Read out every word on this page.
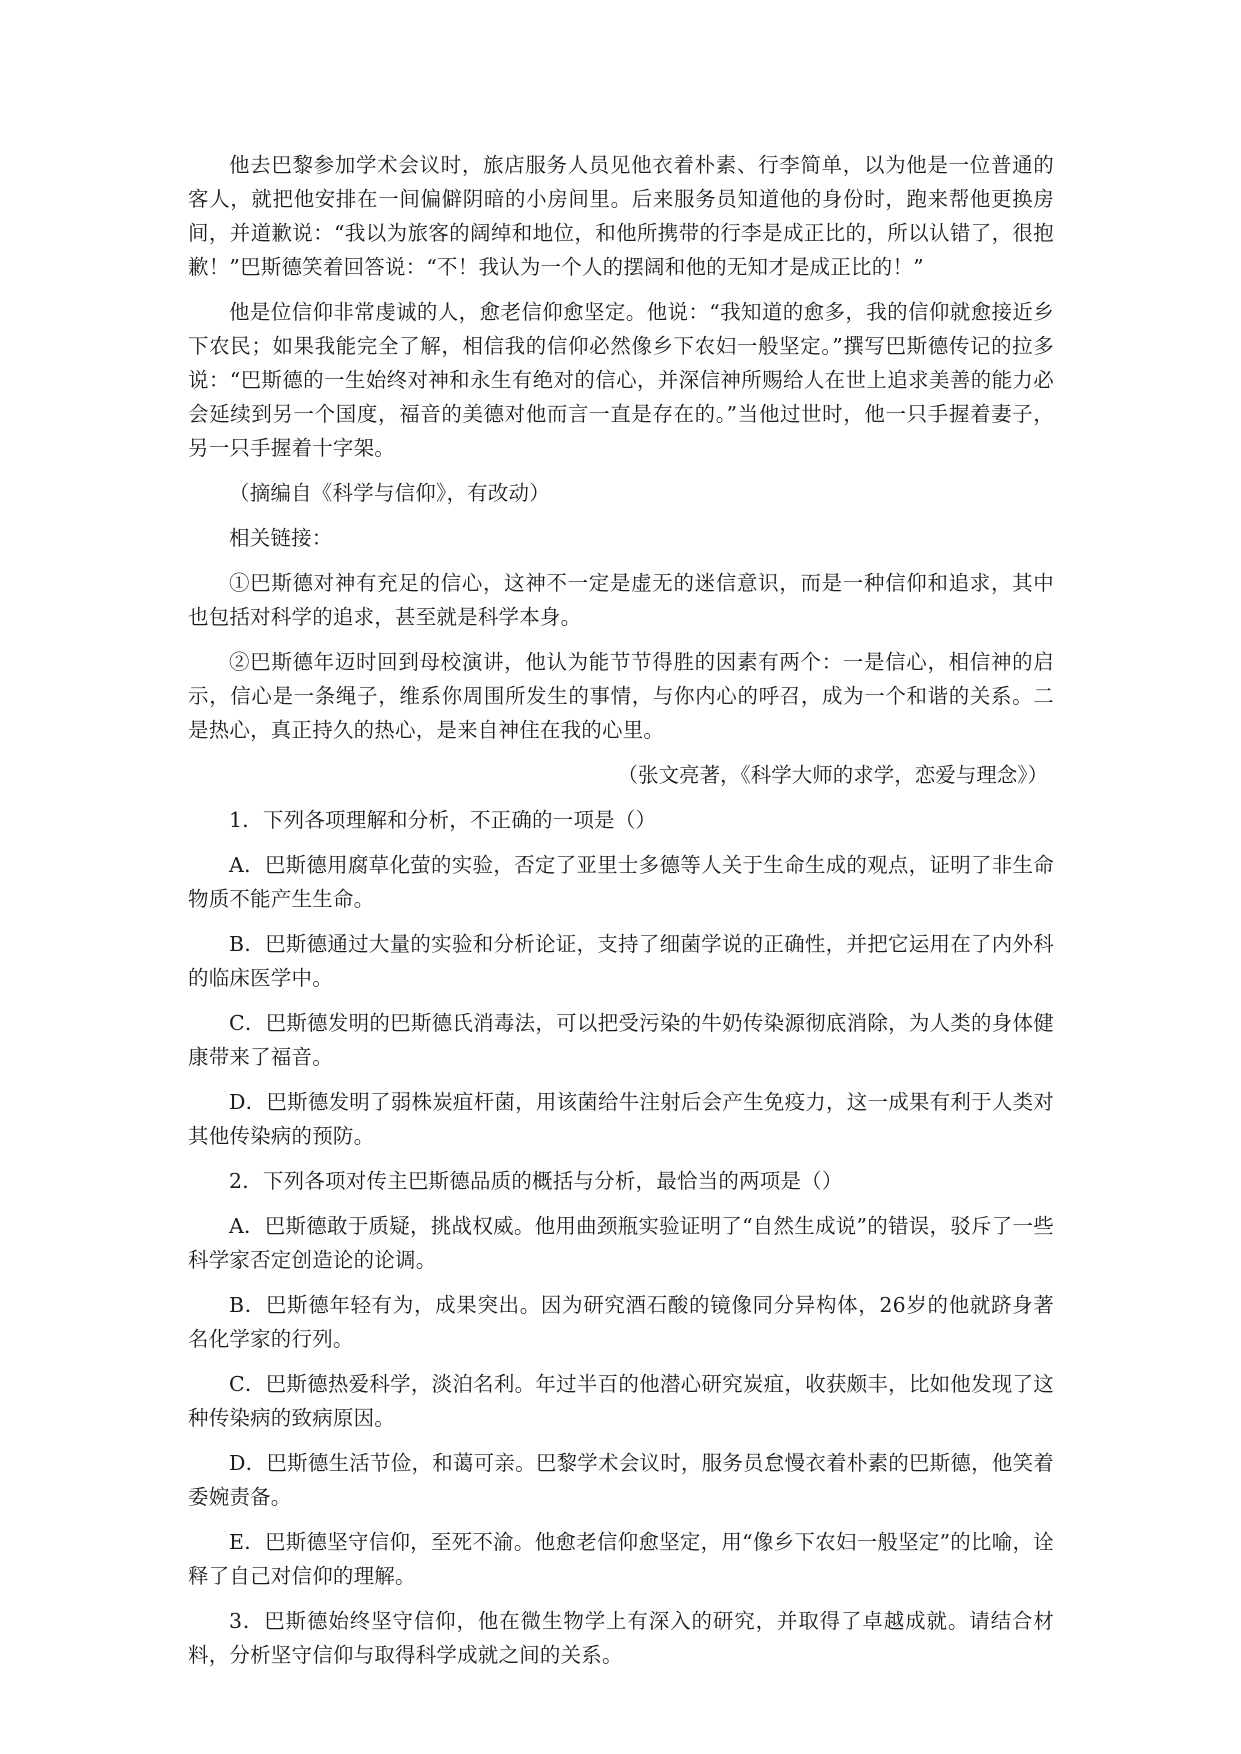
他去巴黎参加学术会议时，旅店服务人员见他衣着朴素、行李简单，以为他是一位普通的客人，就把他安排在一间偏僻阴暗的小房间里。后来服务员知道他的身份时，跑来帮他更换房间，并道歉说：“我以为旅客的阔绰和地位，和他所携带的行李是成正比的，所以认错了，很抱歉！”巴斯德笑着回答说：“不！我认为一个人的摆阔和他的无知才是成正比的！”

他是位信仰非常虔诚的人，愈老信仰愈坚定。他说：“我知道的愈多，我的信仰就愈接近乡下农民；如果我能完全了解，相信我的信仰必然像乡下农妇一般坚定。”撰写巴斯德传记的拉多说：“巴斯德的一生始终对神和永生有绝对的信心，并深信神所赐给人在世上追求美善的能力必会延续到另一个国度，福音的美德对他而言一直是存在的。”当他过世时，他一只手握着妻子，另一只手握着十字架。

（摘编自《科学与信仰》，有改动）

相关链接：

①巴斯德对神有充足的信心，这神不一定是虚无的迷信意识，而是一种信仰和追求，其中也包括对科学的追求，甚至就是科学本身。

②巴斯德年迈时回到母校演讲，他认为能节节得胜的因素有两个：一是信心，相信神的启示，信心是一条绳子，维系你周围所发生的事情，与你内心的呼召，成为一个和谐的关系。二是热心，真正持久的热心，是来自神住在我的心里。

（张文亮著，《科学大师的求学，恋爱与理念》）

1．下列各项理解和分析，不正确的一项是（）

A．巴斯德用腐草化萤的实验，否定了亚里士多德等人关于生命生成的观点，证明了非生命物质不能产生生命。

B．巴斯德通过大量的实验和分析论证，支持了细菌学说的正确性，并把它运用在了内外科的临床医学中。

C．巴斯德发明的巴斯德氏消毒法，可以把受污染的牛奶传染源彻底消除，为人类的身体健康带来了福音。

D．巴斯德发明了弱株炭疽杆菌，用该菌给牛注射后会产生免疫力，这一成果有利于人类对其他传染病的预防。

2．下列各项对传主巴斯德品质的概括与分析，最恰当的两项是（）

A．巴斯德敢于质疑，挑战权威。他用曲颈瓶实验证明了“自然生成说”的错误，驳斥了一些科学家否定创造论的论调。

B．巴斯德年轻有为，成果突出。因为研究酒石酸的镜像同分异构体，26岁的他就跻身著名化学家的行列。

C．巴斯德热爱科学，淡泊名利。年过半百的他潜心研究炭疽，收获颇丰，比如他发现了这种传染病的致病原因。

D．巴斯德生活节俭，和蔼可亲。巴黎学术会议时，服务员怠慢衣着朴素的巴斯德，他笑着委婉责备。

E．巴斯德坚守信仰，至死不渝。他愈老信仰愈坚定，用“像乡下农妇一般坚定”的比喻，诠释了自己对信仰的理解。

3．巴斯德始终坚守信仰，他在微生物学上有深入的研究，并取得了卓越成就。请结合材料，分析坚守信仰与取得科学成就之间的关系。
